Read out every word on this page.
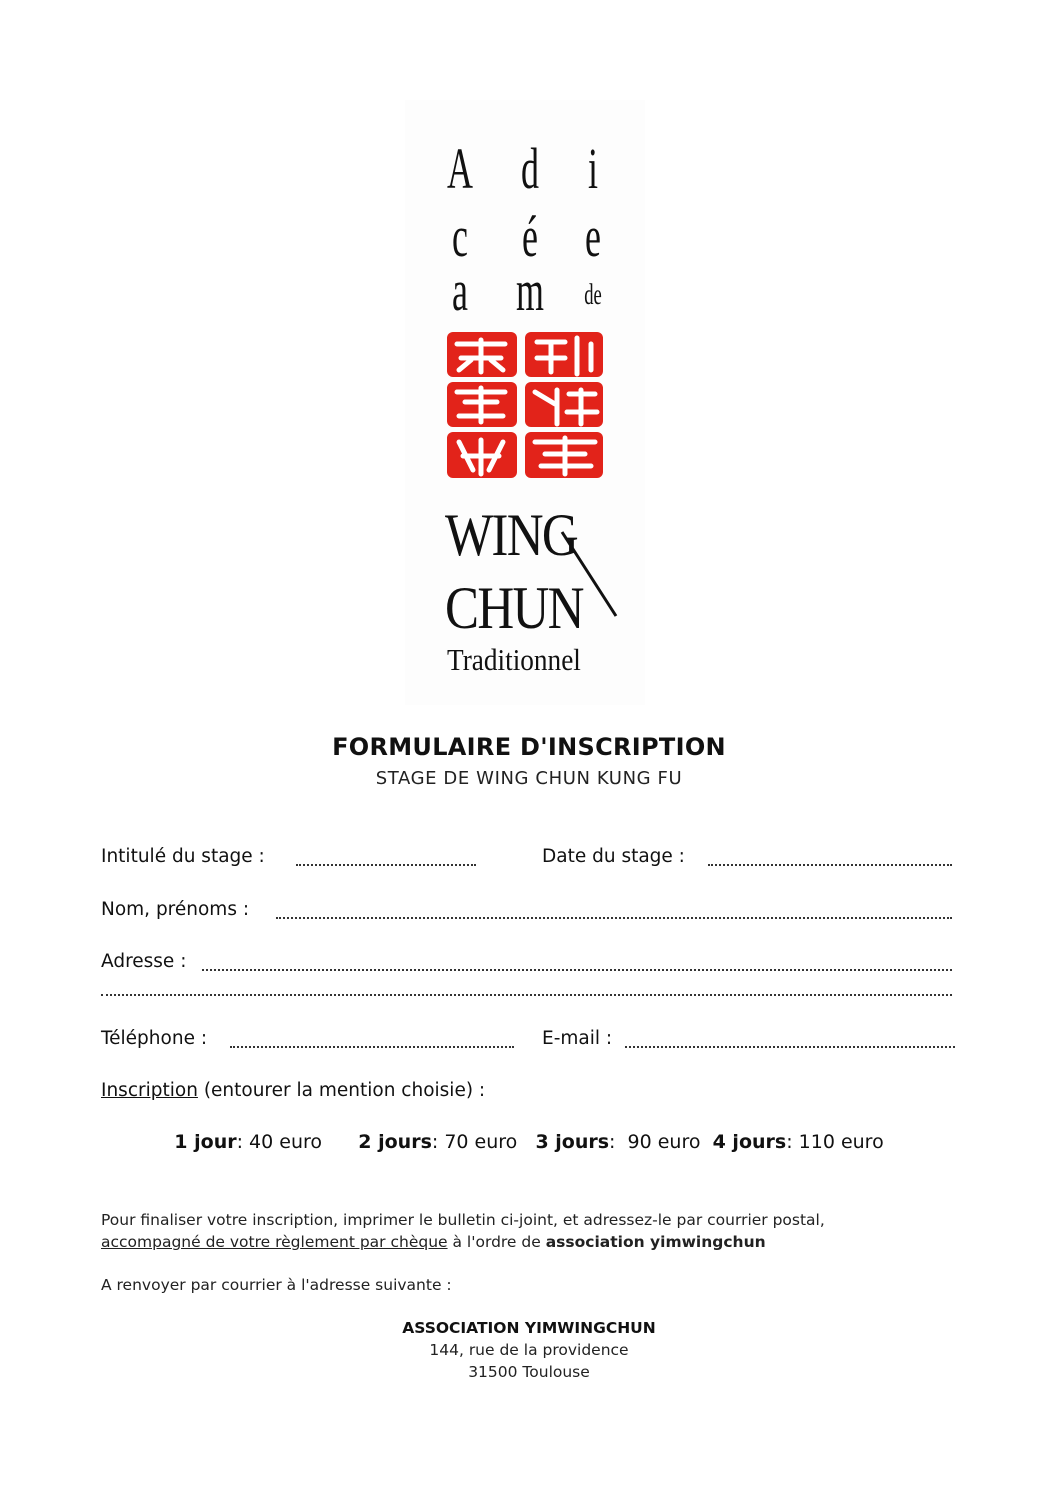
A d i
c é e
a m	de
WING
CHUN
Traditionnel
FORMULAIRE D'INSCRIPTION
STAGE DE WING CHUN KUNG FU
Intitulé du stage :	Date du stage :
Nom, prénoms :
Adresse :
Téléphone :	E-mail :
Inscription (entourer la mention choisie) :
1 jour: 40 euro 2 jours: 70 euro 3 jours:  90 euro 4 jours: 110 euro
Pour finaliser votre inscription, imprimer le bulletin ci-joint, et adressez-le par courrier postal,
accompagné de votre règlement par chèque à l'ordre de association yimwingchun
A renvoyer par courrier à l'adresse suivante :
ASSOCIATION YIMWINGCHUN
144, rue de la providence
31500 Toulouse
